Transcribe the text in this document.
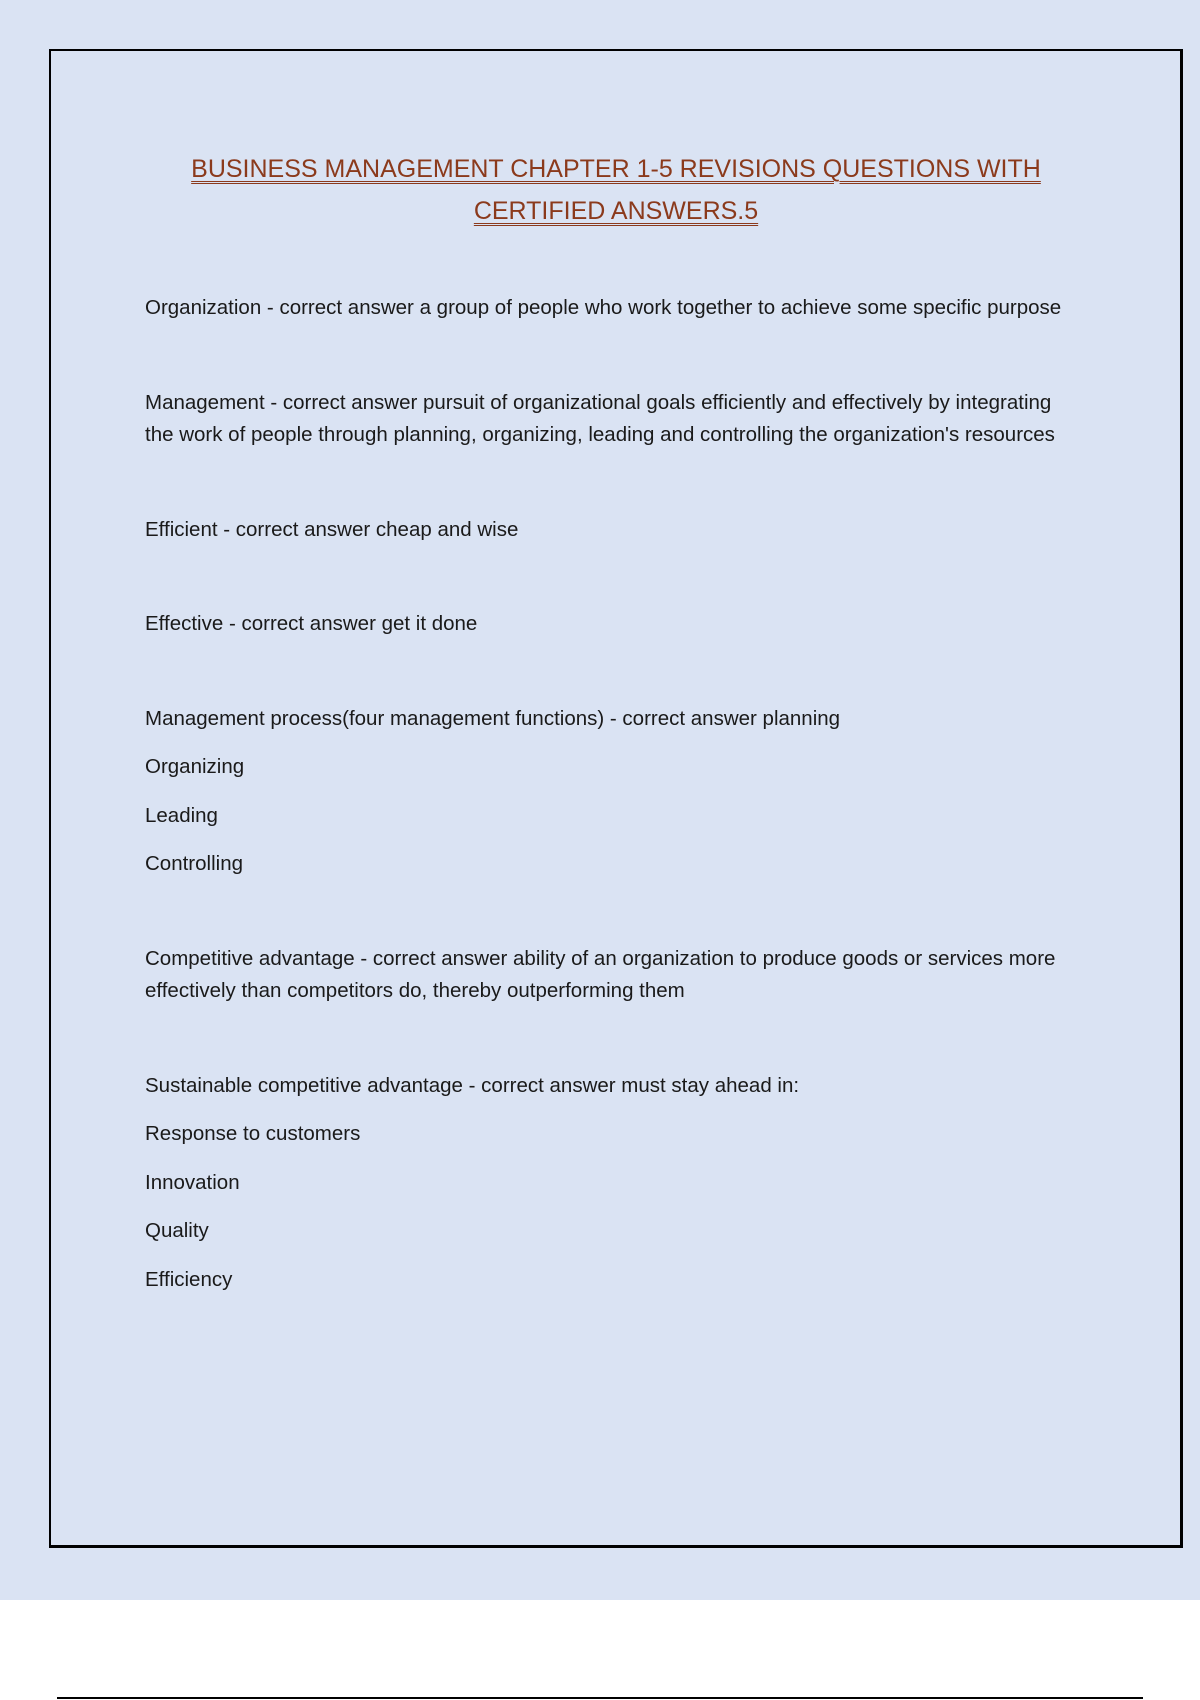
BUSINESS MANAGEMENT CHAPTER 1-5 REVISIONS QUESTIONS WITH CERTIFIED ANSWERS.5

Organization - correct answer a group of people who work together to achieve some specific purpose

Management - correct answer pursuit of organizational goals efficiently and effectively by integrating the work of people through planning, organizing, leading and controlling the organization's resources

Efficient - correct answer cheap and wise

Effective - correct answer get it done

Management process(four management functions) - correct answer planning

Organizing

Leading

Controlling

Competitive advantage - correct answer ability of an organization to produce goods or services more effectively than competitors do, thereby outperforming them

Sustainable competitive advantage - correct answer must stay ahead in:

Response to customers

Innovation

Quality

Efficiency
